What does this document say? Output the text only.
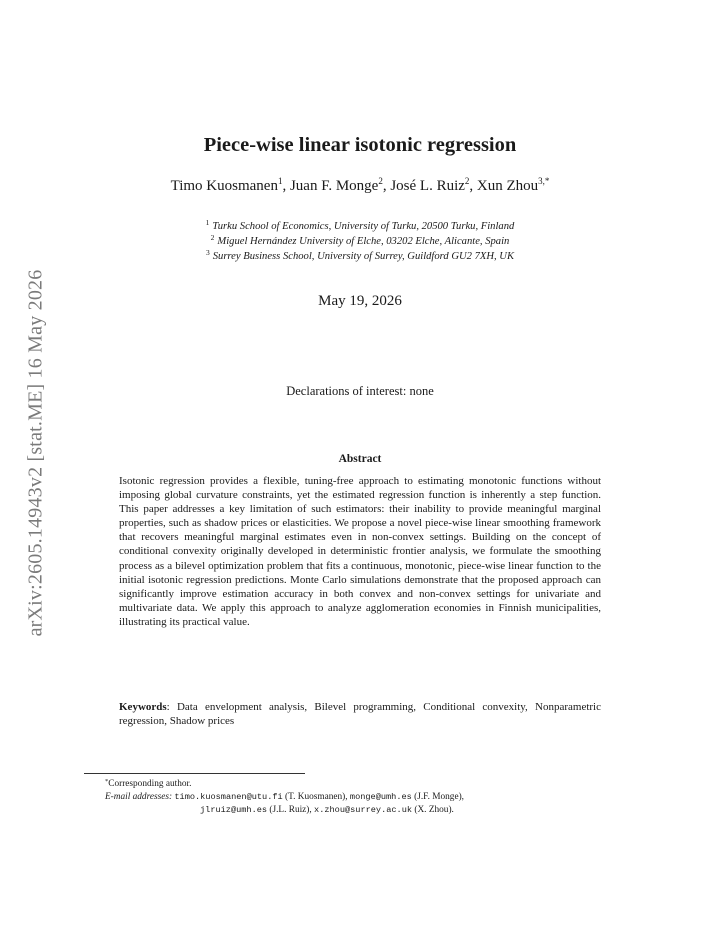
arXiv:2605.14943v2 [stat.ME] 16 May 2026
Piece-wise linear isotonic regression
Timo Kuosmanen$^1$, Juan F. Monge$^2$, José L. Ruiz$^2$, Xun Zhou$^{3,*}$
$^1$ Turku School of Economics, University of Turku, 20500 Turku, Finland
$^2$ Miguel Hernández University of Elche, 03202 Elche, Alicante, Spain
$^3$ Surrey Business School, University of Surrey, Guildford GU2 7XH, UK
May 19, 2026
Declarations of interest: none
Abstract
Isotonic regression provides a flexible, tuning-free approach to estimating monotonic functions without imposing global curvature constraints, yet the estimated regression function is inherently a step function. This paper addresses a key limitation of such estimators: their inability to provide meaningful marginal properties, such as shadow prices or elasticities. We propose a novel piece-wise linear smoothing framework that recovers meaningful marginal estimates even in non-convex settings. Building on the concept of conditional convexity originally developed in deterministic frontier analysis, we formulate the smoothing process as a bilevel optimization problem that fits a continuous, monotonic, piece-wise linear function to the initial isotonic regression predictions. Monte Carlo simulations demonstrate that the proposed approach can significantly improve estimation accuracy in both convex and non-convex settings for univariate and multivariate data. We apply this approach to analyze agglomeration economies in Finnish municipalities, illustrating its practical value.
Keywords: Data envelopment analysis, Bilevel programming, Conditional convexity, Nonparametric regression, Shadow prices
*Corresponding author.
E-mail addresses: timo.kuosmanen@utu.fi (T. Kuosmanen), monge@umh.es (J.F. Monge),
jlruiz@umh.es (J.L. Ruiz), x.zhou@surrey.ac.uk (X. Zhou).
